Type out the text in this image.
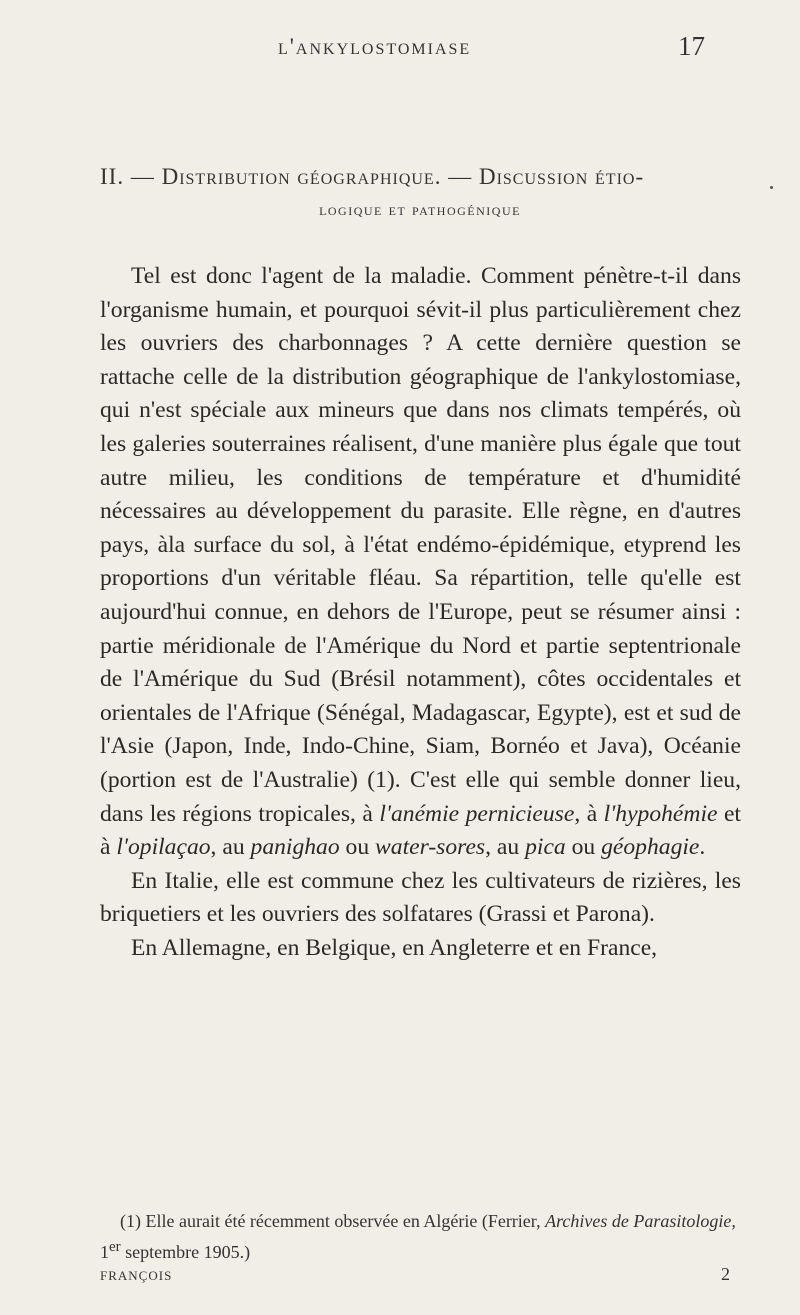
l'ankylostomiase	17
II. — Distribution géographique. — Discussion étio-
logique et pathogénique

Tel est donc l'agent de la maladie. Comment pénètre-t-il dans l'organisme humain, et pourquoi sévit-il plus particulièrement chez les ouvriers des charbonnages ? A cette dernière question se rattache celle de la distribution géographique de l'ankylostomiase, qui n'est spéciale aux mineurs que dans nos climats tempérés, où les galeries souterraines réalisent, d'une manière plus égale que tout autre milieu, les conditions de température et d'humidité nécessaires au développement du parasite. Elle règne, en d'autres pays, àla surface du sol, à l'état endémo-épidémique, etyprend les proportions d'un véritable fléau. Sa répartition, telle qu'elle est aujourd'hui connue, en dehors de l'Europe, peut se résumer ainsi : partie méridionale de l'Amérique du Nord et partie septentrionale de l'Amérique du Sud (Brésil notamment), côtes occidentales et orientales de l'Afrique (Sénégal, Madagascar, Egypte), est et sud de l'Asie (Japon, Inde, Indo-Chine, Siam, Bornéo et Java), Océanie (portion est de l'Australie) (1). C'est elle qui semble donner lieu, dans les régions tropicales, à l'anémie pernicieuse, à l'hypohémie et à l'opilaçao, au panighao ou water-sores, au pica ou géophagie.

En Italie, elle est commune chez les cultivateurs de rizières, les briquetiers et les ouvriers des solfatares (Grassi et Parona).

En Allemagne, en Belgique, en Angleterre et en France,

(1) Elle aurait été récemment observée en Algérie (Ferrier, Archives de Parasitologie, 1er septembre 1905.)

FRANÇOIS	2
